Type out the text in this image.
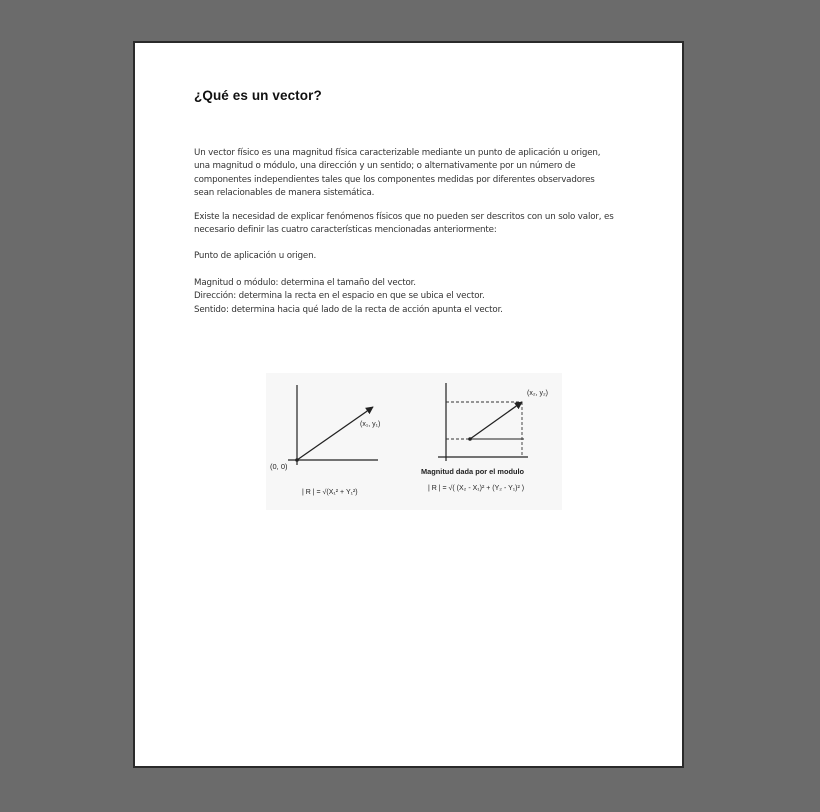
¿Qué es un vector?

Un vector físico es una magnitud física caracterizable mediante un punto de aplicación u origen,
una magnitud o módulo, una dirección y un sentido; o alternativamente por un número de
componentes independientes tales que los componentes medidas por diferentes observadores
sean relacionables de manera sistemática.

Existe la necesidad de explicar fenómenos físicos que no pueden ser descritos con un solo valor, es
necesario definir las cuatro características mencionadas anteriormente:

Punto de aplicación u origen.

Magnitud o módulo: determina el tamaño del vector.
Dirección: determina la recta en el espacio en que se ubica el vector.
Sentido: determina hacia qué lado de la recta de acción apunta el vector.

(x₁, y₁)
(0, 0)
| R | = √(X₁² + Y₁²)
(x₂, y₂)
Magnitud dada por el modulo
| R | = √( (X₂ - X₁)² + (Y₂ - Y₁)² )
